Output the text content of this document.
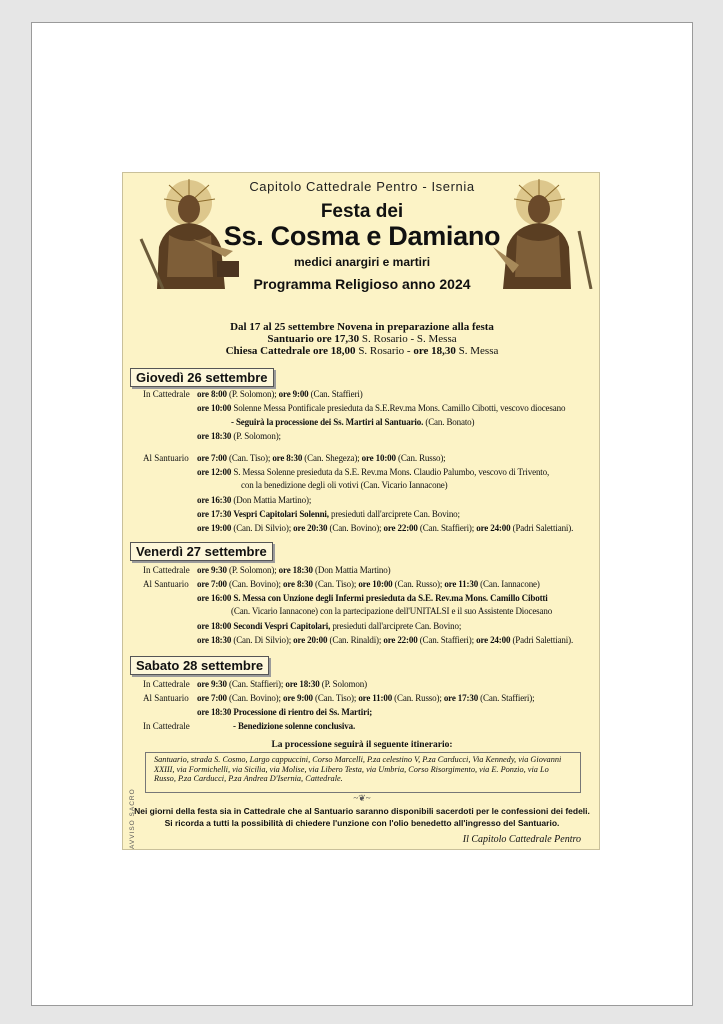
Capitolo Cattedrale Pentro - Isernia
Festa dei
Ss. Cosma e Damiano
medici anargiri e martiri
Programma Religioso anno 2024
Dal 17 al 25 settembre Novena in preparazione alla festa
Santuario ore 17,30 S. Rosario - S. Messa
Chiesa Cattedrale ore 18,00 S. Rosario - ore 18,30 S. Messa
Giovedì 26 settembre
In Cattedrale ore 8:00 (P. Solomon); ore 9:00 (Can. Staffieri)
ore 10:00 Solenne Messa Pontificale presieduta da S.E.Rev.ma Mons. Camillo Cibotti, vescovo diocesano
- Seguirà la processione dei Ss. Martiri al Santuario. (Can. Bonato)
ore 18:30 (P. Solomon);
Al Santuario ore 7:00 (Can. Tiso); ore 8:30 (Can. Shegeza); ore 10:00 (Can. Russo);
ore 12:00 S. Messa Solenne presieduta da S.E. Rev.ma Mons. Claudio Palumbo, vescovo di Trivento,
con la benedizione degli oli votivi (Can. Vicario Iannacone)
ore 16:30 (Don Mattia Martino);
ore 17:30 Vespri Capitolari Solenni, presieduti dall'arciprete Can. Bovino;
ore 19:00 (Can. Di Silvio); ore 20:30 (Can. Bovino); ore 22:00 (Can. Staffieri); ore 24:00 (Padri Salettiani).
Venerdì 27 settembre
In Cattedrale ore 9:30 (P. Solomon); ore 18:30 (Don Mattia Martino)
Al Santuario ore 7:00 (Can. Bovino); ore 8:30 (Can. Tiso); ore 10:00 (Can. Russo); ore 11:30 (Can. Iannacone)
ore 16:00 S. Messa con Unzione degli Infermi presieduta da S.E. Rev.ma Mons. Camillo Cibotti
(Can. Vicario Iannacone) con la partecipazione dell'UNITALSI e il suo Assistente Diocesano
ore 18:00 Secondi Vespri Capitolari, presieduti dall'arciprete Can. Bovino;
ore 18:30 (Can. Di Silvio); ore 20:00 (Can. Rinaldi); ore 22:00 (Can. Staffieri); ore 24:00 (Padri Salettiani).
Sabato 28 settembre
In Cattedrale ore 9:30 (Can. Staffieri); ore 18:30 (P. Solomon)
Al Santuario ore 7:00 (Can. Bovino); ore 9:00 (Can. Tiso); ore 11:00 (Can. Russo); ore 17:30 (Can. Staffieri);
ore 18:30 Processione di rientro dei Ss. Martiri;
In Cattedrale	- Benedizione solenne conclusiva.
La processione seguirà il seguente itinerario:
Santuario, strada S. Cosmo, Largo cappuccini, Corso Marcelli, P.za celestino V, P.za Carducci, Via Kennedy, via Giovanni XXIII, via Formichelli, via Sicilia, via Molise, via Libero Testa, via Umbria, Corso Risorgimento, via E. Ponzio, via Lo Russo, P.za Carducci, P.za Andrea D'Isernia, Cattedrale.
~❦~
Nei giorni della festa sia in Cattedrale che al Santuario saranno disponibili sacerdoti per le confessioni dei fedeli.
Si ricorda a tutti la possibilità di chiedere l'unzione con l'olio benedetto all'ingresso del Santuario.
Il Capitolo Cattedrale Pentro
AVVISO SACRO
